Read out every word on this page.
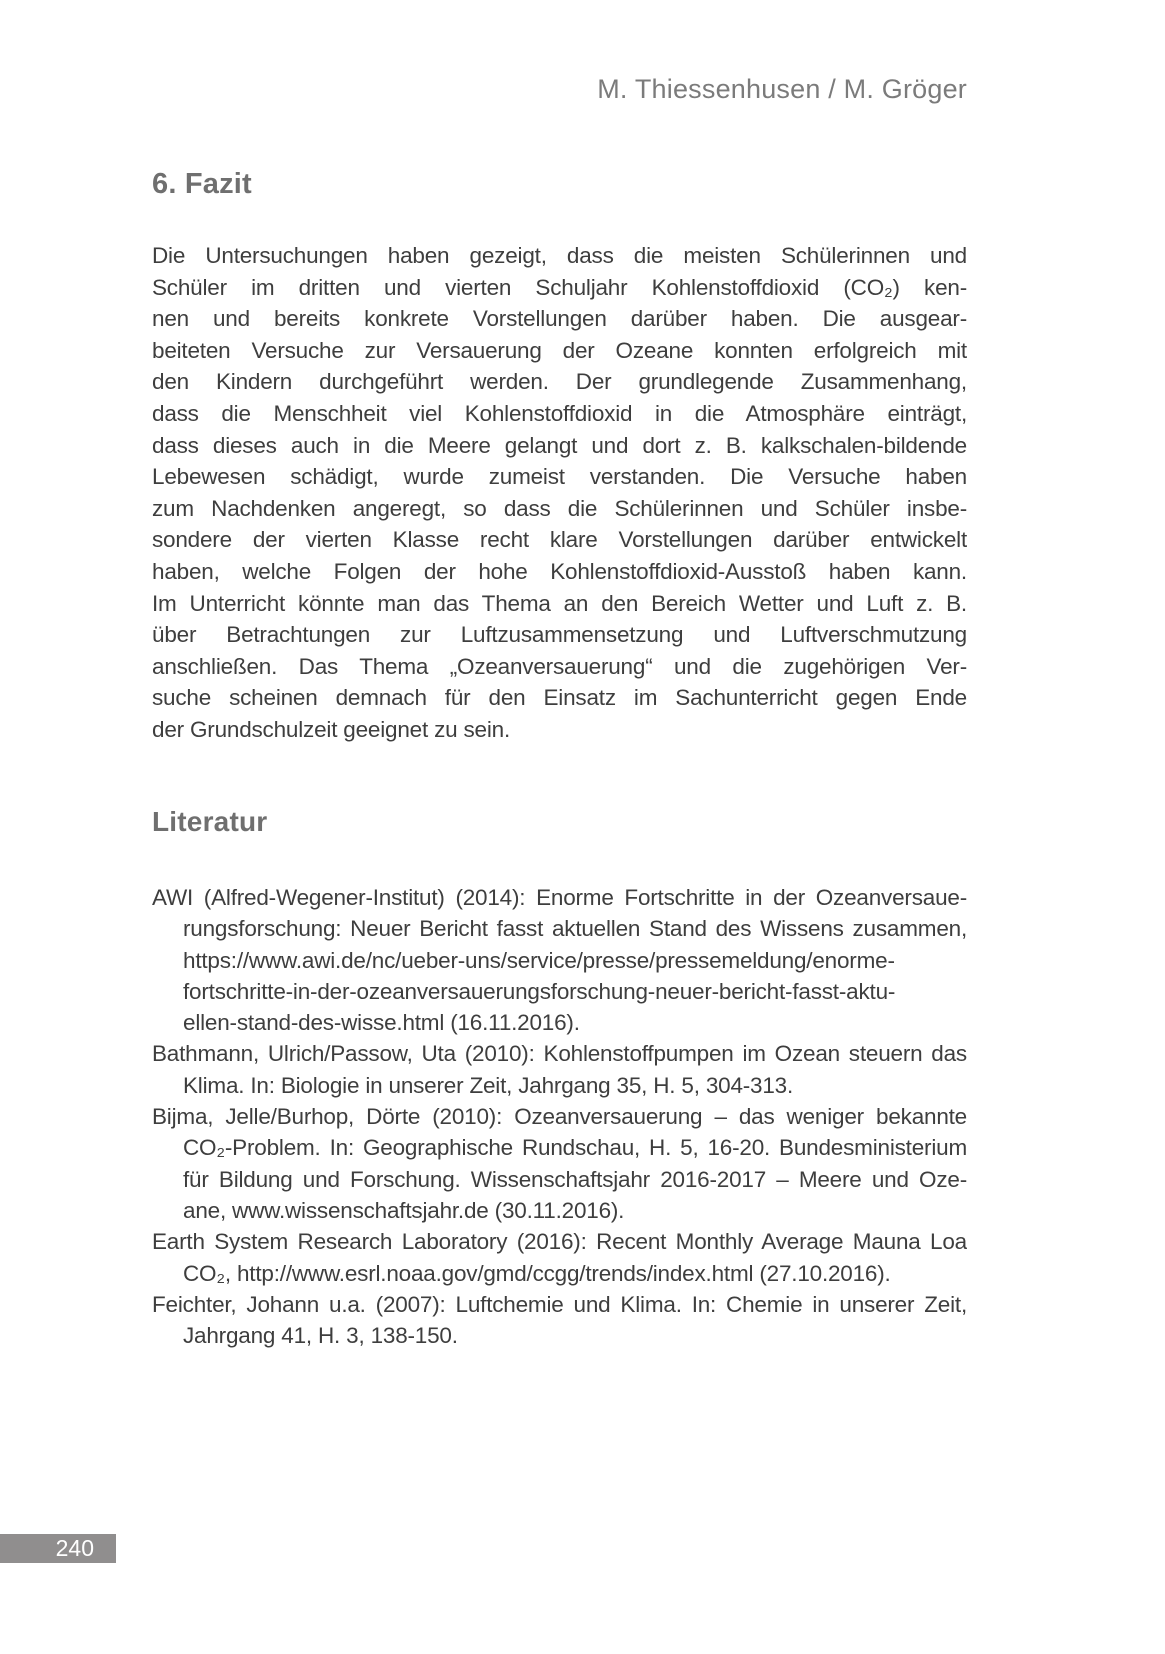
M. Thiessenhusen / M. Gröger
6. Fazit
Die Untersuchungen haben gezeigt, dass die meisten Schülerinnen und
Schüler im dritten und vierten Schuljahr Kohlenstoffdioxid (CO₂) ken-
nen und bereits konkrete Vorstellungen darüber haben. Die ausgear-
beiteten Versuche zur Versauerung der Ozeane konnten erfolgreich mit
den Kindern durchgeführt werden. Der grundlegende Zusammenhang,
dass die Menschheit viel Kohlenstoffdioxid in die Atmosphäre einträgt,
dass dieses auch in die Meere gelangt und dort z. B. kalkschalen-bildende
Lebewesen schädigt, wurde zumeist verstanden. Die Versuche haben
zum Nachdenken angeregt, so dass die Schülerinnen und Schüler insbe-
sondere der vierten Klasse recht klare Vorstellungen darüber entwickelt
haben, welche Folgen der hohe Kohlenstoffdioxid-Ausstoß haben kann.
Im Unterricht könnte man das Thema an den Bereich Wetter und Luft z. B.
über Betrachtungen zur Luftzusammensetzung und Luftverschmutzung
anschließen. Das Thema „Ozeanversauerung“ und die zugehörigen Ver-
suche scheinen demnach für den Einsatz im Sachunterricht gegen Ende
der Grundschulzeit geeignet zu sein.
Literatur
AWI (Alfred-Wegener-Institut) (2014): Enorme Fortschritte in der Ozeanversaue-
rungsforschung: Neuer Bericht fasst aktuellen Stand des Wissens zusammen,
https://www.awi.de/nc/ueber-uns/service/presse/pressemeldung/enorme-
fortschritte-in-der-ozeanversauerungsforschung-neuer-bericht-fasst-aktu-
ellen-stand-des-wisse.html (16.11.2016).
Bathmann, Ulrich/Passow, Uta (2010): Kohlenstoffpumpen im Ozean steuern das
Klima. In: Biologie in unserer Zeit, Jahrgang 35, H. 5, 304-313.
Bijma, Jelle/Burhop, Dörte (2010): Ozeanversauerung – das weniger bekannte
CO₂-Problem. In: Geographische Rundschau, H. 5, 16-20. Bundesministerium
für Bildung und Forschung. Wissenschaftsjahr 2016-2017 – Meere und Oze-
ane, www.wissenschaftsjahr.de (30.11.2016).
Earth System Research Laboratory (2016): Recent Monthly Average Mauna Loa
CO₂, http://www.esrl.noaa.gov/gmd/ccgg/trends/index.html (27.10.2016).
Feichter, Johann u.a. (2007): Luftchemie und Klima. In: Chemie in unserer Zeit,
Jahrgang 41, H. 3, 138-150.
240
